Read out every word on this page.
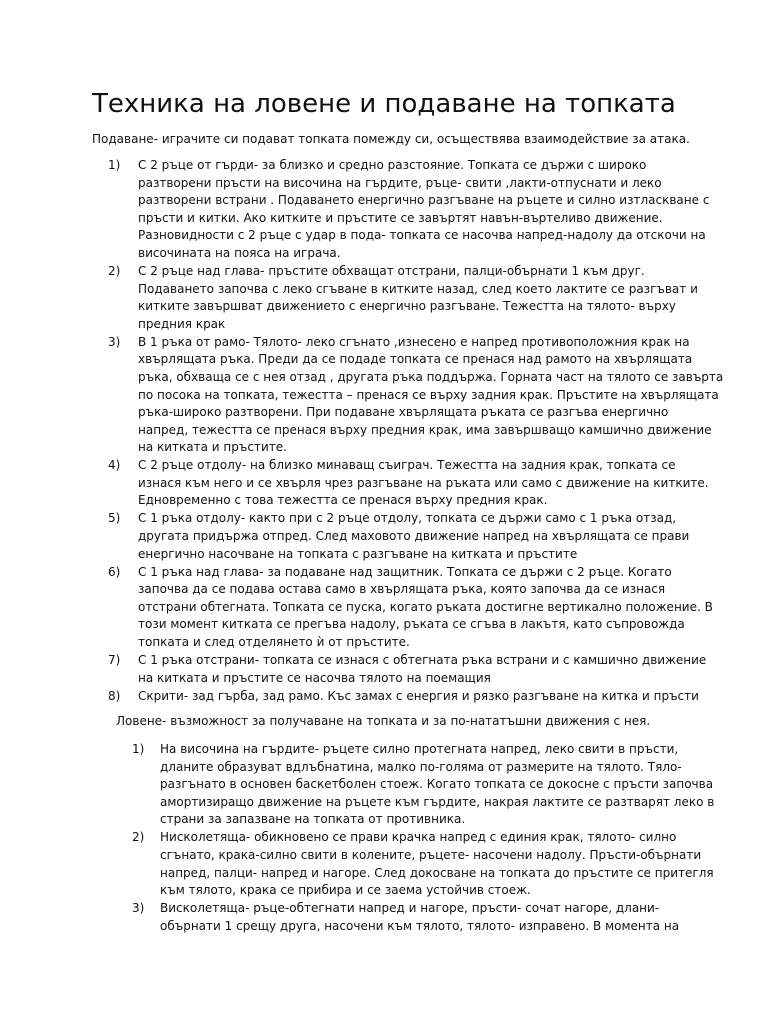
Техника на ловене и подаване на топката

Подаване- играчите си подават топката помежду си, осъществява взаимодействие за атака.

1)	С 2 ръце от гърди- за близко и средно разстояние. Топката се държи с широко
разтворени пръсти на височина на гърдите, ръце- свити ,лакти-отпуснати и леко
разтворени встрани . Подаването енергично разгъване на ръцете и силно изтласкване с
пръсти и китки. Ако китките и пръстите се завъртят навън-въртеливо движение.
Разновидности с 2 ръце с удар в пода- топката се насочва напред-надолу да отскочи на
височината на пояса на играча.
2)	С 2 ръце над глава- пръстите обхващат отстрани, палци-обърнати 1 към друг.
Подаването започва с леко сгъване в китките назад, след което лактите се разгъват и
китките завършват движението с енергично разгъване. Тежестта на тялото- върху
предния крак
3)	В 1 ръка от рамо- Тялото- леко сгънато ,изнесено е напред противоположния крак на
хвърлящата ръка. Преди да се подаде топката се пренася над рамото на хвърлящата
ръка, обхваща се с нея отзад , другата ръка поддържа. Горната част на тялото се завърта
по посока на топката, тежестта – пренася се върху задния крак. Пръстите на хвърлящата
ръка-широко разтворени. При подаване хвърлящата ръката се разгъва енергично
напред, тежестта се пренася върху предния крак, има завършващо камшично движение
на китката и пръстите.
4)	С 2 ръце отдолу- на близко минаващ съиграч. Тежестта на задния крак, топката се
изнася към него и се хвърля чрез разгъване на ръката или само с движение на китките.
Едновременно с това тежестта се пренася върху предния крак.
5)	С 1 ръка отдолу- както при с 2 ръце отдолу, топката се държи само с 1 ръка отзад,
другата придържа отпред. След маховото движение напред на хвърлящата се прави
енергично насочване на топката с разгъване на китката и пръстите
6)	С 1 ръка над глава- за подаване над защитник. Топката се държи с 2 ръце. Когато
започва да се подава остава само в хвърлящата ръка, която започва да се изнася
отстрани обтегната. Топката се пуска, когато ръката достигне вертикално положение. В
този момент китката се прегъва надолу, ръката се сгъва в лакътя, като съпровожда
топката и след отделянето ѝ от пръстите.
7)	С 1 ръка отстрани- топката се изнася с обтегната ръка встрани и с камшично движение
на китката и пръстите се насочва тялото на поемащия
8)	Скрити- зад гърба, зад рамо. Къс замах с енергия и рязко разгъване на китка и пръсти

Ловене- възможност за получаване на топката и за по-нататъшни движения с нея.

1)	На височина на гърдите- ръцете силно протегната напред, леко свити в пръсти,
дланите образуват вдлъбнатина, малко по-голяма от размерите на тялото. Тяло-
разгънато в основен баскетболен стоеж. Когато топката се докосне с пръсти започва
амортизиращо движение на ръцете към гърдите, накрая лактите се разтварят леко в
страни за запазване на топката от противника.
2)	Нисколетяща- обикновено се прави крачка напред с единия крак, тялото- силно
сгънато, крака-силно свити в колените, ръцете- насочени надолу. Пръсти-обърнати
напред, палци- напред и нагоре. След докосване на топката до пръстите се притегля
към тялото, крака се прибира и се заема устойчив стоеж.
3)	Висколетяща- ръце-обтегнати напред и нагоре, пръсти- сочат нагоре, длани-
обърнати 1 срещу друга, насочени към тялото, тялото- изправено. В момента на
